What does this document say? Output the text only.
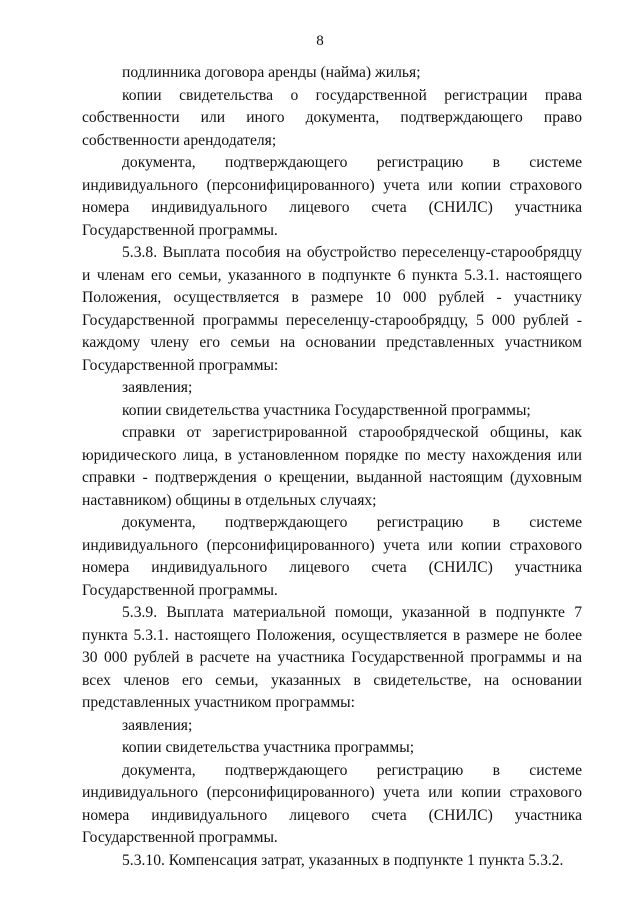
8

подлинника договора аренды (найма) жилья;

копии свидетельства о государственной регистрации права собственности или иного документа, подтверждающего право собственности арендодателя;

документа, подтверждающего регистрацию в системе индивидуального (персонифицированного) учета или копии страхового номера индивидуального лицевого счета (СНИЛС) участника Государственной программы.

5.3.8. Выплата пособия на обустройство переселенцу-старообрядцу и членам его семьи, указанного в подпункте 6 пункта 5.3.1. настоящего Положения, осуществляется в размере 10 000 рублей - участнику Государственной программы переселенцу-старообрядцу, 5 000 рублей - каждому члену его семьи на основании представленных участником Государственной программы:

заявления;

копии свидетельства участника Государственной программы;

справки от зарегистрированной старообрядческой общины, как юридического лица, в установленном порядке по месту нахождения или справки - подтверждения о крещении, выданной настоящим (духовным наставником) общины в отдельных случаях;

документа, подтверждающего регистрацию в системе индивидуального (персонифицированного) учета или копии страхового номера индивидуального лицевого счета (СНИЛС) участника Государственной программы.

5.3.9. Выплата материальной помощи, указанной в подпункте 7 пункта 5.3.1. настоящего Положения, осуществляется в размере не более 30 000 рублей в расчете на участника Государственной программы и на всех членов его семьи, указанных в свидетельстве, на основании представленных участником программы:

заявления;

копии свидетельства участника программы;

документа, подтверждающего регистрацию в системе индивидуального (персонифицированного) учета или копии страхового номера индивидуального лицевого счета (СНИЛС) участника Государственной программы.

5.3.10. Компенсация затрат, указанных в подпункте 1 пункта 5.3.2.
